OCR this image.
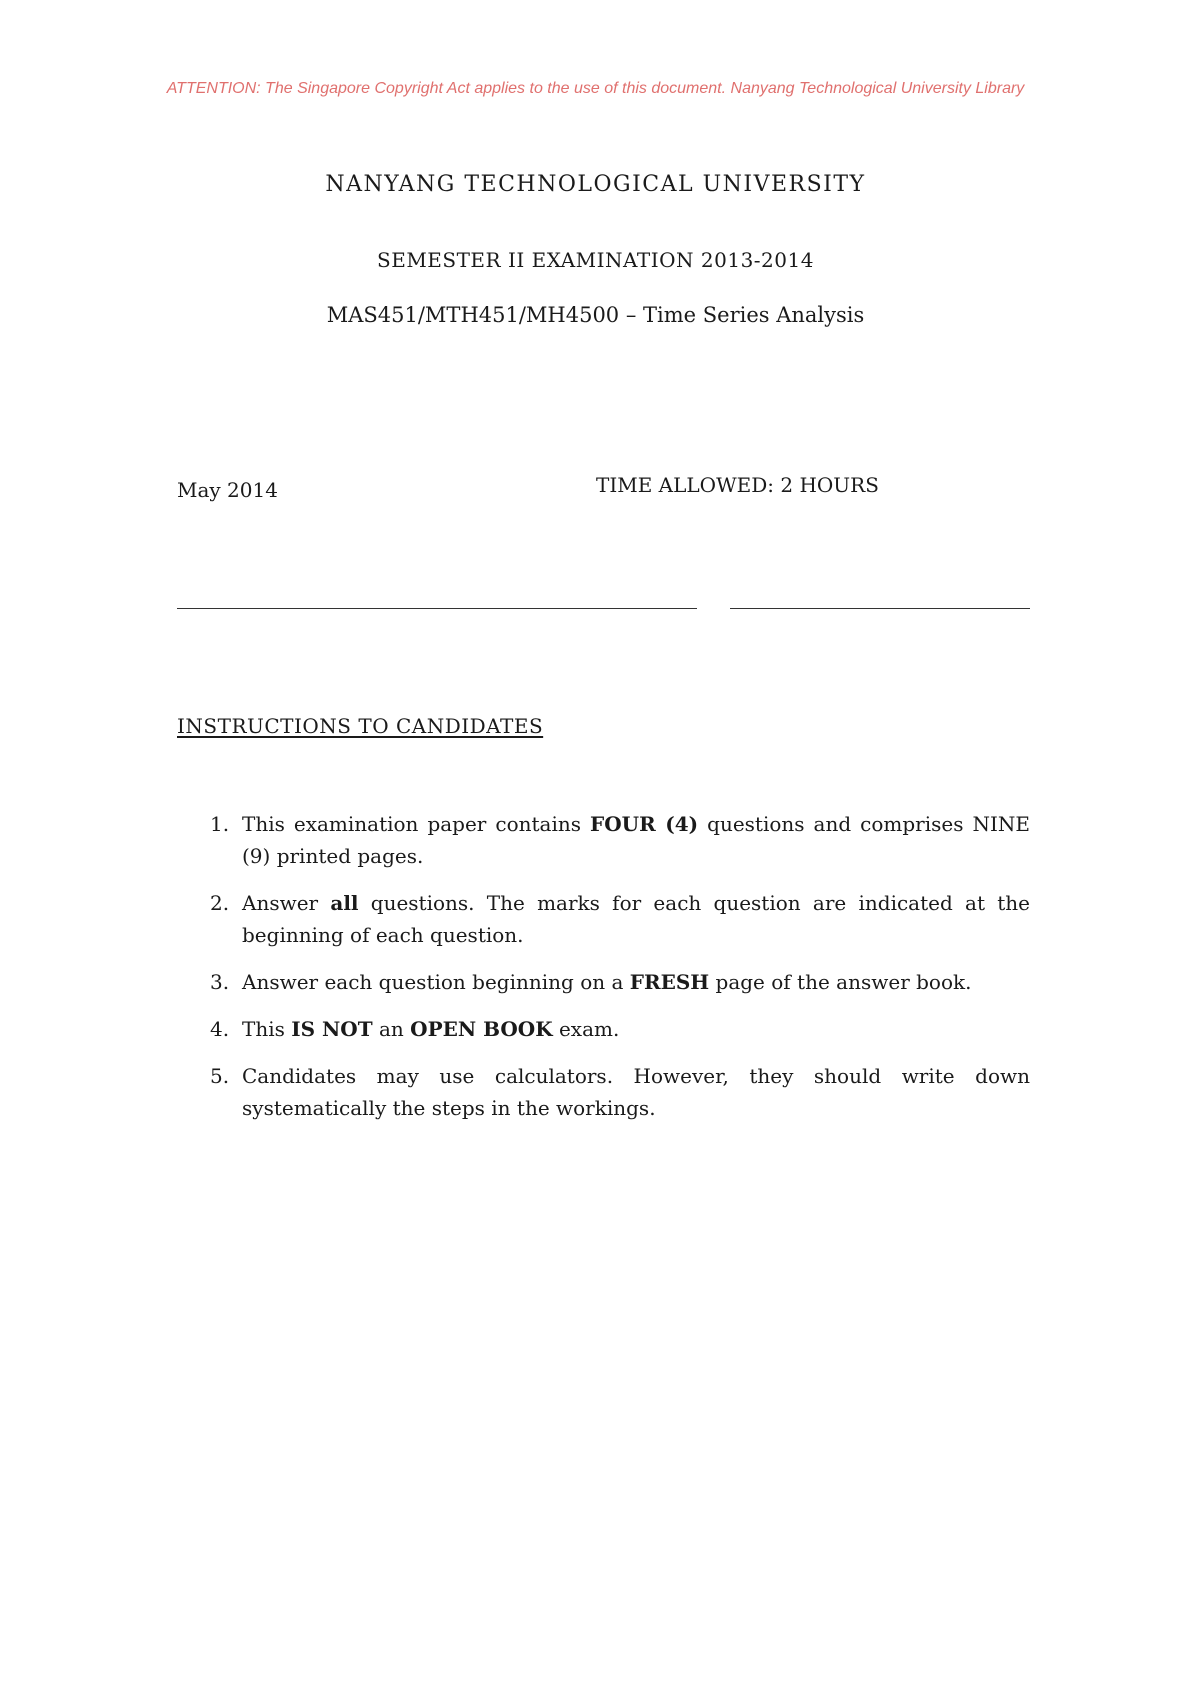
ATTENTION: The Singapore Copyright Act applies to the use of this document. Nanyang Technological University Library
NANYANG TECHNOLOGICAL UNIVERSITY
SEMESTER II EXAMINATION 2013-2014
MAS451/MTH451/MH4500 – Time Series Analysis
May 2014	TIME ALLOWED: 2 HOURS
INSTRUCTIONS TO CANDIDATES
1. This examination paper contains FOUR (4) questions and comprises NINE (9) printed pages.
2. Answer all questions. The marks for each question are indicated at the beginning of each question.
3. Answer each question beginning on a FRESH page of the answer book.
4. This IS NOT an OPEN BOOK exam.
5. Candidates may use calculators. However, they should write down systematically the steps in the workings.
